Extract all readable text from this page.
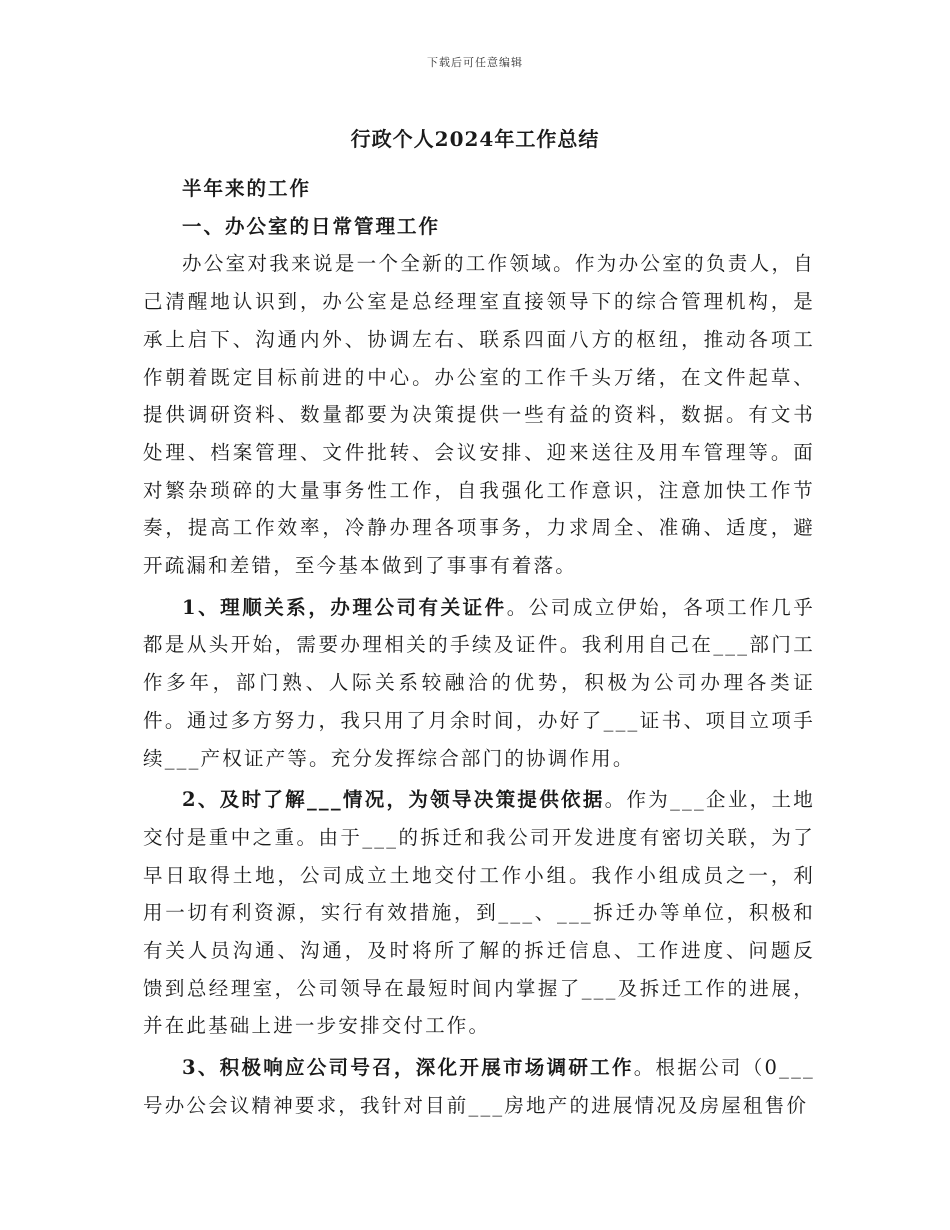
下载后可任意编辑
行政个人2024年工作总结

半年来的工作

一、办公室的日常管理工作

办公室对我来说是一个全新的工作领域。作为办公室的负责人，自己清醒地认识到，办公室是总经理室直接领导下的综合管理机构，是承上启下、沟通内外、协调左右、联系四面八方的枢纽，推动各项工作朝着既定目标前进的中心。办公室的工作千头万绪，在文件起草、提供调研资料、数量都要为决策提供一些有益的资料，数据。有文书处理、档案管理、文件批转、会议安排、迎来送往及用车管理等。面对繁杂琐碎的大量事务性工作，自我强化工作意识，注意加快工作节奏，提高工作效率，冷静办理各项事务，力求周全、准确、适度，避开疏漏和差错，至今基本做到了事事有着落。

1、理顺关系，办理公司有关证件。公司成立伊始，各项工作几乎都是从头开始，需要办理相关的手续及证件。我利用自己在___部门工作多年，部门熟、人际关系较融洽的优势，积极为公司办理各类证件。通过多方努力，我只用了月余时间，办好了___证书、项目立项手续___产权证产等。充分发挥综合部门的协调作用。

2、及时了解___情况，为领导决策提供依据。作为___企业，土地交付是重中之重。由于___的拆迁和我公司开发进度有密切关联，为了早日取得土地，公司成立土地交付工作小组。我作小组成员之一，利用一切有利资源，实行有效措施，到___、___拆迁办等单位，积极和有关人员沟通、沟通，及时将所了解的拆迁信息、工作进度、问题反馈到总经理室，公司领导在最短时间内掌握了___及拆迁工作的进展，并在此基础上进一步安排交付工作。

3、积极响应公司号召，深化开展市场调研工作。根据公司（0___号办公会议精神要求，我针对目前___房地产的进展情况及房屋租售价
